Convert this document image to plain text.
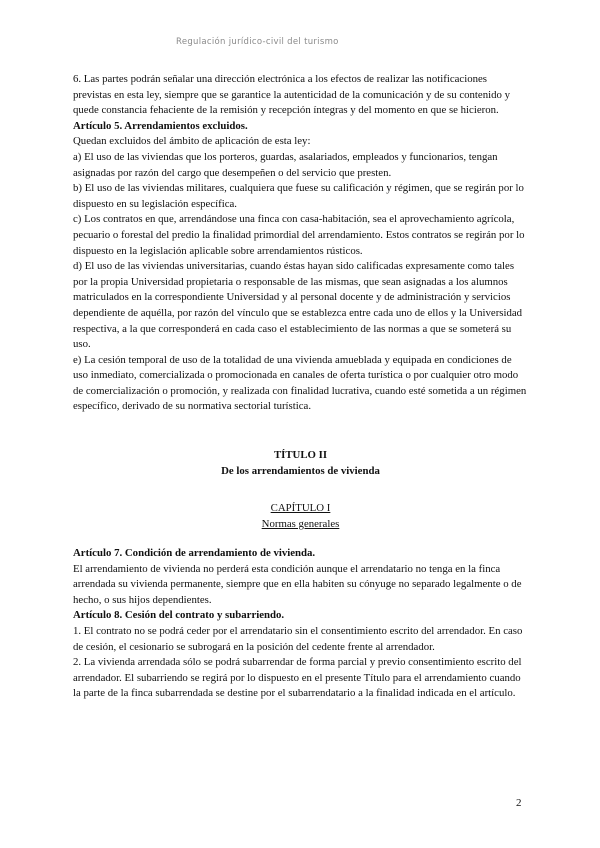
Regulación jurídico-civil del turismo

6. Las partes podrán señalar una dirección electrónica a los efectos de realizar las notificaciones previstas en esta ley, siempre que se garantice la autenticidad de la comunicación y de su contenido y quede constancia fehaciente de la remisión y recepción íntegras y del momento en que se hicieron.

Artículo 5. Arrendamientos excluidos.

Quedan excluidos del ámbito de aplicación de esta ley:

a) El uso de las viviendas que los porteros, guardas, asalariados, empleados y funcionarios, tengan asignadas por razón del cargo que desempeñen o del servicio que presten.

b) El uso de las viviendas militares, cualquiera que fuese su calificación y régimen, que se regirán por lo dispuesto en su legislación específica.

c) Los contratos en que, arrendándose una finca con casa-habitación, sea el aprovechamiento agrícola, pecuario o forestal del predio la finalidad primordial del arrendamiento. Estos contratos se regirán por lo dispuesto en la legislación aplicable sobre arrendamientos rústicos.

d) El uso de las viviendas universitarias, cuando éstas hayan sido calificadas expresamente como tales por la propia Universidad propietaria o responsable de las mismas, que sean asignadas a los alumnos matriculados en la correspondiente Universidad y al personal docente y de administración y servicios dependiente de aquélla, por razón del vínculo que se establezca entre cada uno de ellos y la Universidad respectiva, a la que corresponderá en cada caso el establecimiento de las normas a que se someterá su uso.

e) La cesión temporal de uso de la totalidad de una vivienda amueblada y equipada en condiciones de uso inmediato, comercializada o promocionada en canales de oferta turística o por cualquier otro modo de comercialización o promoción, y realizada con finalidad lucrativa, cuando esté sometida a un régimen específico, derivado de su normativa sectorial turística.

TÍTULO II

De los arrendamientos de vivienda

CAPÍTULO I

Normas generales

Artículo 7. Condición de arrendamiento de vivienda.

El arrendamiento de vivienda no perderá esta condición aunque el arrendatario no tenga en la finca arrendada su vivienda permanente, siempre que en ella habiten su cónyuge no separado legalmente o de hecho, o sus hijos dependientes.

Artículo 8. Cesión del contrato y subarriendo.

1. El contrato no se podrá ceder por el arrendatario sin el consentimiento escrito del arrendador. En caso de cesión, el cesionario se subrogará en la posición del cedente frente al arrendador.

2. La vivienda arrendada sólo se podrá subarrendar de forma parcial y previo consentimiento escrito del arrendador. El subarriendo se regirá por lo dispuesto en el presente Título para el arrendamiento cuando la parte de la finca subarrendada se destine por el subarrendatario a la finalidad indicada en el artículo.

2
